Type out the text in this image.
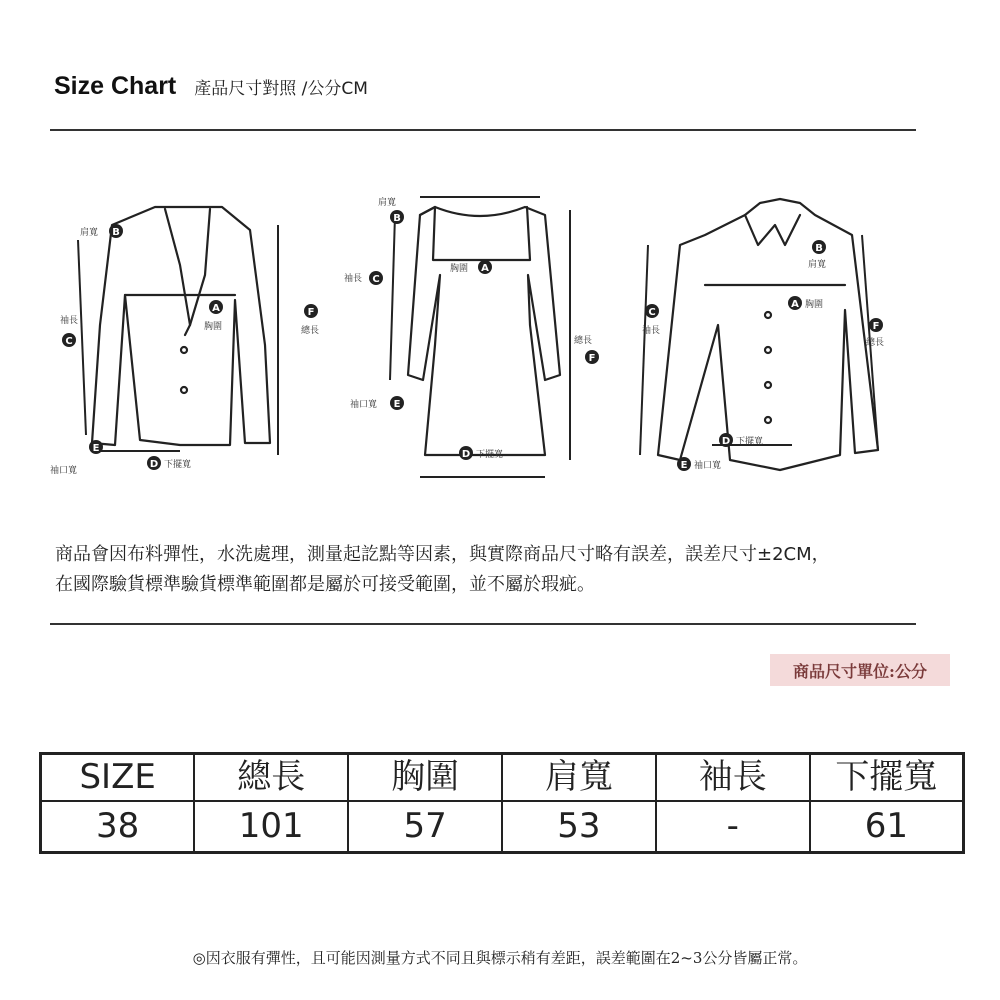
Size Chart 產品尺寸對照 /公分CM
B
肩寬
A
胸圍
C
袖長
F
總長
E
袖口寬
D 下擺寬
B
肩寬
A
胸圍
C
袖長
E
袖口寬
F
總長
D 下擺寬
B
肩寬
A 胸圍
C
袖長	F
總長
D 下擺寬
E 袖口寬
商品會因布料彈性，水洗處理，測量起訖點等因素，與實際商品尺寸略有誤差，誤差尺寸±2CM，
在國際驗貨標準驗貨標準範圍都是屬於可接受範圍，並不屬於瑕疵。
商品尺寸單位:公分
SIZE	總長	胸圍	肩寬	袖長	下擺寬
38	101	57	53	-	61
◎因衣服有彈性，且可能因測量方式不同且與標示稍有差距，誤差範圍在2~3公分皆屬正常。
